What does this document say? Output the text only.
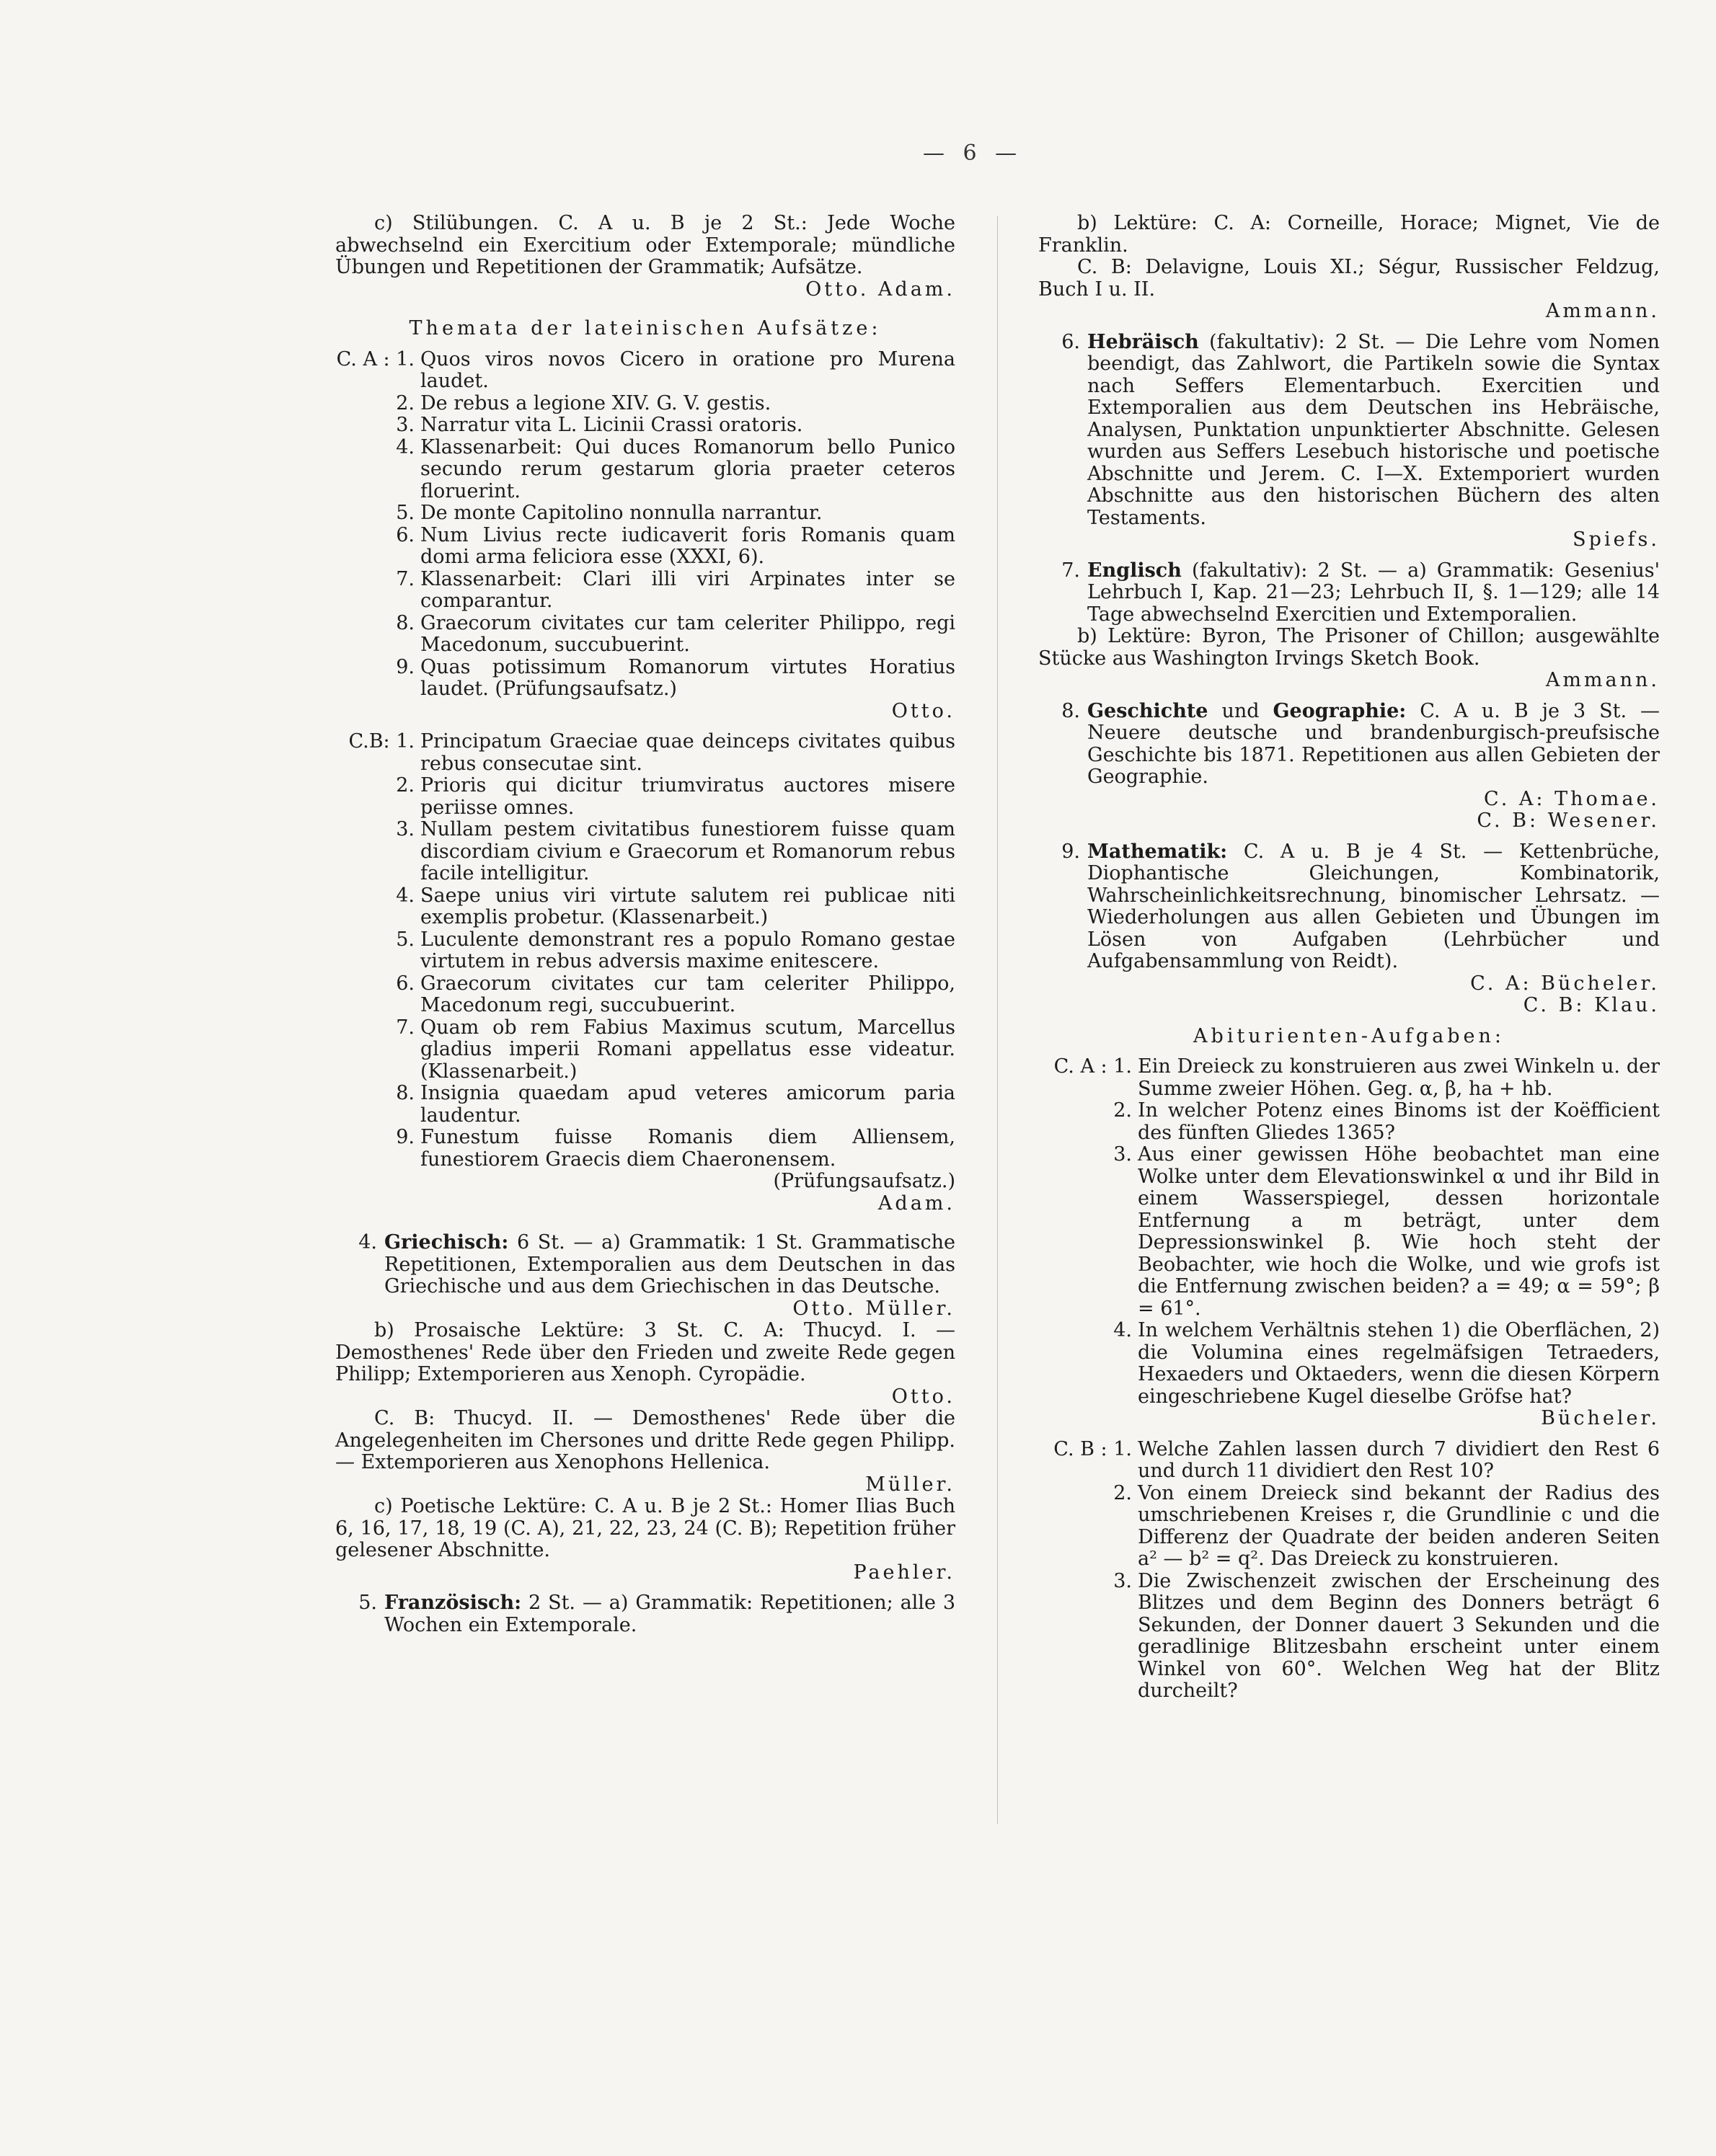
— 6 —

c) Stilübungen. C. A u. B je 2 St.: Jede Woche abwechselnd ein Exercitium oder Extemporale; mündliche Übungen und Repetitionen der Grammatik; Aufsätze.

Otto. Adam.

Themata der lateinischen Aufsätze:

C. A : 1. Quos viros novos Cicero in oratione pro Murena laudet.
2. De rebus a legione XIV. G. V. gestis.
3. Narratur vita L. Licinii Crassi oratoris.
4. Klassenarbeit: Qui duces Romanorum bello Punico secundo rerum gestarum gloria praeter ceteros floruerint.
5. De monte Capitolino nonnulla narrantur.
6. Num Livius recte iudicaverit foris Romanis quam domi arma feliciora esse (XXXI, 6).
7. Klassenarbeit: Clari illi viri Arpinates inter se comparantur.
8. Graecorum civitates cur tam celeriter Philippo, regi Macedonum, succubuerint.
9. Quas potissimum Romanorum virtutes Horatius laudet. (Prüfungsaufsatz.)

Otto.

C.B: 1. Principatum Graeciae quae deinceps civitates quibus rebus consecutae sint.
2. Prioris qui dicitur triumviratus auctores misere periisse omnes.
3. Nullam pestem civitatibus funestiorem fuisse quam discordiam civium e Graecorum et Romanorum rebus facile intelligitur.
4. Saepe unius viri virtute salutem rei publicae niti exemplis probetur. (Klassenarbeit.)
5. Luculente demonstrant res a populo Romano gestae virtutem in rebus adversis maxime enitescere.
6. Graecorum civitates cur tam celeriter Philippo, Macedonum regi, succubuerint.
7. Quam ob rem Fabius Maximus scutum, Marcellus gladius imperii Romani appellatus esse videatur. (Klassenarbeit.)
8. Insignia quaedam apud veteres amicorum paria laudentur.
9. Funestum fuisse Romanis diem Alliensem, funestiorem Graecis diem Chaeronensem.

(Prüfungsaufsatz.)

Adam.

4. Griechisch: 6 St. — a) Grammatik: 1 St. Grammatische Repetitionen, Extemporalien aus dem Deutschen in das Griechische und aus dem Griechischen in das Deutsche.

Otto. Müller.

b) Prosaische Lektüre: 3 St. C. A: Thucyd. I. — Demosthenes' Rede über den Frieden und zweite Rede gegen Philipp; Extemporieren aus Xenoph. Cyropädie.

Otto.

C. B: Thucyd. II. — Demosthenes' Rede über die Angelegenheiten im Chersones und dritte Rede gegen Philipp. — Extemporieren aus Xenophons Hellenica.

Müller.

c) Poetische Lektüre: C. A u. B je 2 St.: Homer Ilias Buch 6, 16, 17, 18, 19 (C. A), 21, 22, 23, 24 (C. B); Repetition früher gelesener Abschnitte.

Paehler.

5. Französisch: 2 St. — a) Grammatik: Repetitionen; alle 3 Wochen ein Extemporale.

b) Lektüre: C. A: Corneille, Horace; Mignet, Vie de Franklin.

C. B: Delavigne, Louis XI.; Ségur, Russischer Feldzug, Buch I u. II.

Ammann.

6. Hebräisch (fakultativ): 2 St. — Die Lehre vom Nomen beendigt, das Zahlwort, die Partikeln sowie die Syntax nach Seffers Elementarbuch. Exercitien und Extemporalien aus dem Deutschen ins Hebräische, Analysen, Punktation unpunktierter Abschnitte. Gelesen wurden aus Seffers Lesebuch historische und poetische Abschnitte und Jerem. C. I—X. Extemporiert wurden Abschnitte aus den historischen Büchern des alten Testaments.

Spiefs.

7. Englisch (fakultativ): 2 St. — a) Grammatik: Gesenius' Lehrbuch I, Kap. 21—23; Lehrbuch II, §. 1—129; alle 14 Tage abwechselnd Exercitien und Extemporalien.

b) Lektüre: Byron, The Prisoner of Chillon; ausgewählte Stücke aus Washington Irvings Sketch Book.

Ammann.

8. Geschichte und Geographie: C. A u. B je 3 St. — Neuere deutsche und brandenburgisch-preufsische Geschichte bis 1871. Repetitionen aus allen Gebieten der Geographie.

C. A: Thomae.

C. B: Wesener.

9. Mathematik: C. A u. B je 4 St. — Kettenbrüche, Diophantische Gleichungen, Kombinatorik, Wahrscheinlichkeitsrechnung, binomischer Lehrsatz. — Wiederholungen aus allen Gebieten und Übungen im Lösen von Aufgaben (Lehrbücher und Aufgabensammlung von Reidt).

C. A: Bücheler.

C. B: Klau.

Abiturienten-Aufgaben:

C. A : 1. Ein Dreieck zu konstruieren aus zwei Winkeln u. der Summe zweier Höhen. Geg. α, β, ha + hb.
2. In welcher Potenz eines Binoms ist der Koëfficient des fünften Gliedes 1365?
3. Aus einer gewissen Höhe beobachtet man eine Wolke unter dem Elevationswinkel α und ihr Bild in einem Wasserspiegel, dessen horizontale Entfernung a m beträgt, unter dem Depressionswinkel β. Wie hoch steht der Beobachter, wie hoch die Wolke, und wie grofs ist die Entfernung zwischen beiden? a = 49; α = 59°; β = 61°.
4. In welchem Verhältnis stehen 1) die Oberflächen, 2) die Volumina eines regelmäfsigen Tetraeders, Hexaeders und Oktaeders, wenn die diesen Körpern eingeschriebene Kugel dieselbe Gröfse hat?

Bücheler.

C. B : 1. Welche Zahlen lassen durch 7 dividiert den Rest 6 und durch 11 dividiert den Rest 10?
2. Von einem Dreieck sind bekannt der Radius des umschriebenen Kreises r, die Grundlinie c und die Differenz der Quadrate der beiden anderen Seiten a² — b² = q². Das Dreieck zu konstruieren.
3. Die Zwischenzeit zwischen der Erscheinung des Blitzes und dem Beginn des Donners beträgt 6 Sekunden, der Donner dauert 3 Sekunden und die geradlinige Blitzesbahn erscheint unter einem Winkel von 60°. Welchen Weg hat der Blitz durcheilt?
